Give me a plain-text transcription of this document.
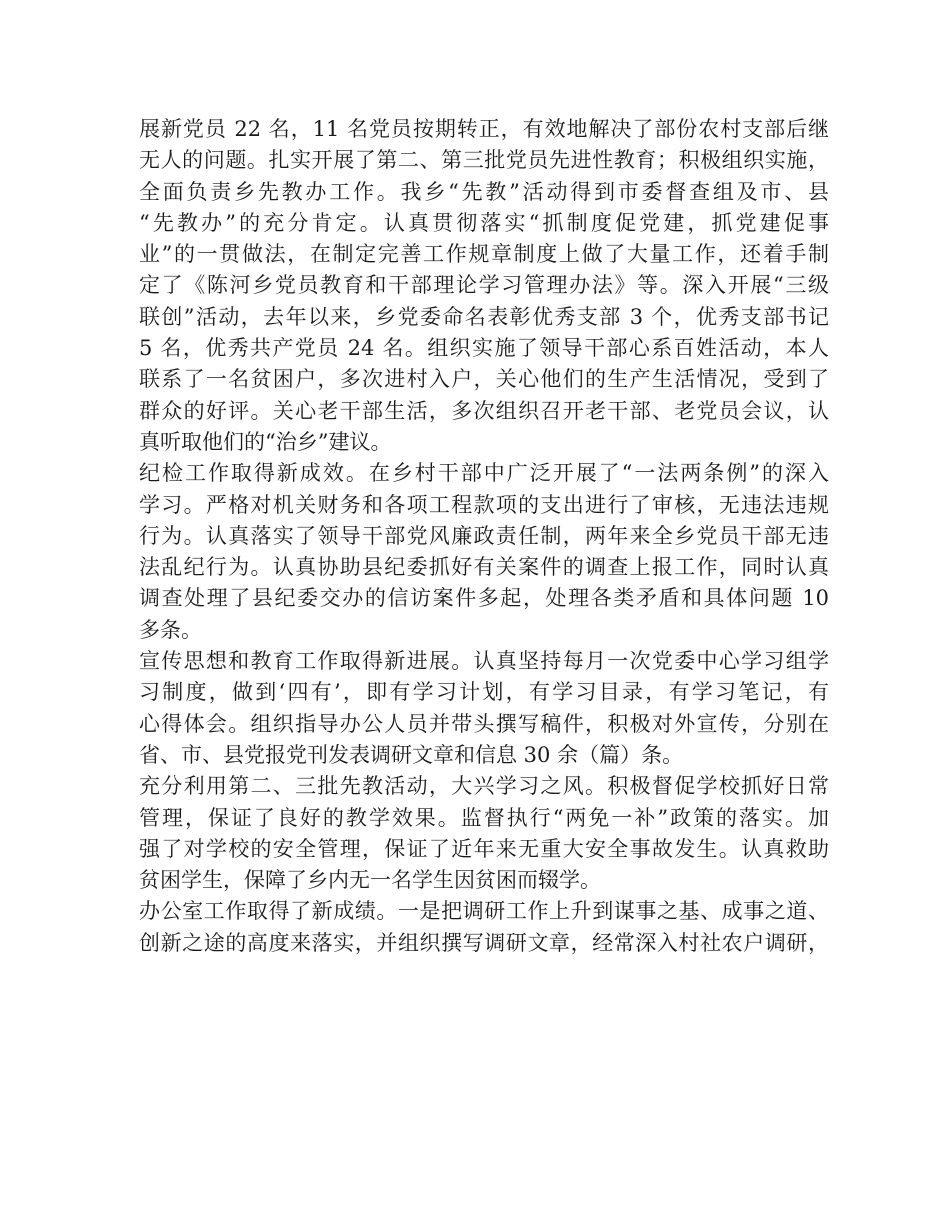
展新党员 22 名，11 名党员按期转正，有效地解决了部份农村支部后继
无人的问题。扎实开展了第二、第三批党员先进性教育；积极组织实施，
全面负责乡先教办工作。我乡“先教”活动得到市委督查组及市、县
“先教办”的充分肯定。认真贯彻落实“抓制度促党建，抓党建促事
业”的一贯做法，在制定完善工作规章制度上做了大量工作，还着手制
定了《陈河乡党员教育和干部理论学习管理办法》等。深入开展“三级
联创”活动，去年以来，乡党委命名表彰优秀支部 3 个，优秀支部书记
5 名，优秀共产党员 24 名。组织实施了领导干部心系百姓活动，本人
联系了一名贫困户，多次进村入户，关心他们的生产生活情况，受到了
群众的好评。关心老干部生活，多次组织召开老干部、老党员会议，认
真听取他们的“治乡”建议。
纪检工作取得新成效。在乡村干部中广泛开展了“一法两条例”的深入
学习。严格对机关财务和各项工程款项的支出进行了审核，无违法违规
行为。认真落实了领导干部党风廉政责任制，两年来全乡党员干部无违
法乱纪行为。认真协助县纪委抓好有关案件的调查上报工作，同时认真
调查处理了县纪委交办的信访案件多起，处理各类矛盾和具体问题 10
多条。
宣传思想和教育工作取得新进展。认真坚持每月一次党委中心学习组学
习制度，做到‘四有’，即有学习计划，有学习目录，有学习笔记，有
心得体会。组织指导办公人员并带头撰写稿件，积极对外宣传，分别在
省、市、县党报党刊发表调研文章和信息 30 余（篇）条。
充分利用第二、三批先教活动，大兴学习之风。积极督促学校抓好日常
管理，保证了良好的教学效果。监督执行“两免一补”政策的落实。加
强了对学校的安全管理，保证了近年来无重大安全事故发生。认真救助
贫困学生，保障了乡内无一名学生因贫困而辍学。
办公室工作取得了新成绩。一是把调研工作上升到谋事之基、成事之道、
创新之途的高度来落实，并组织撰写调研文章，经常深入村社农户调研，
